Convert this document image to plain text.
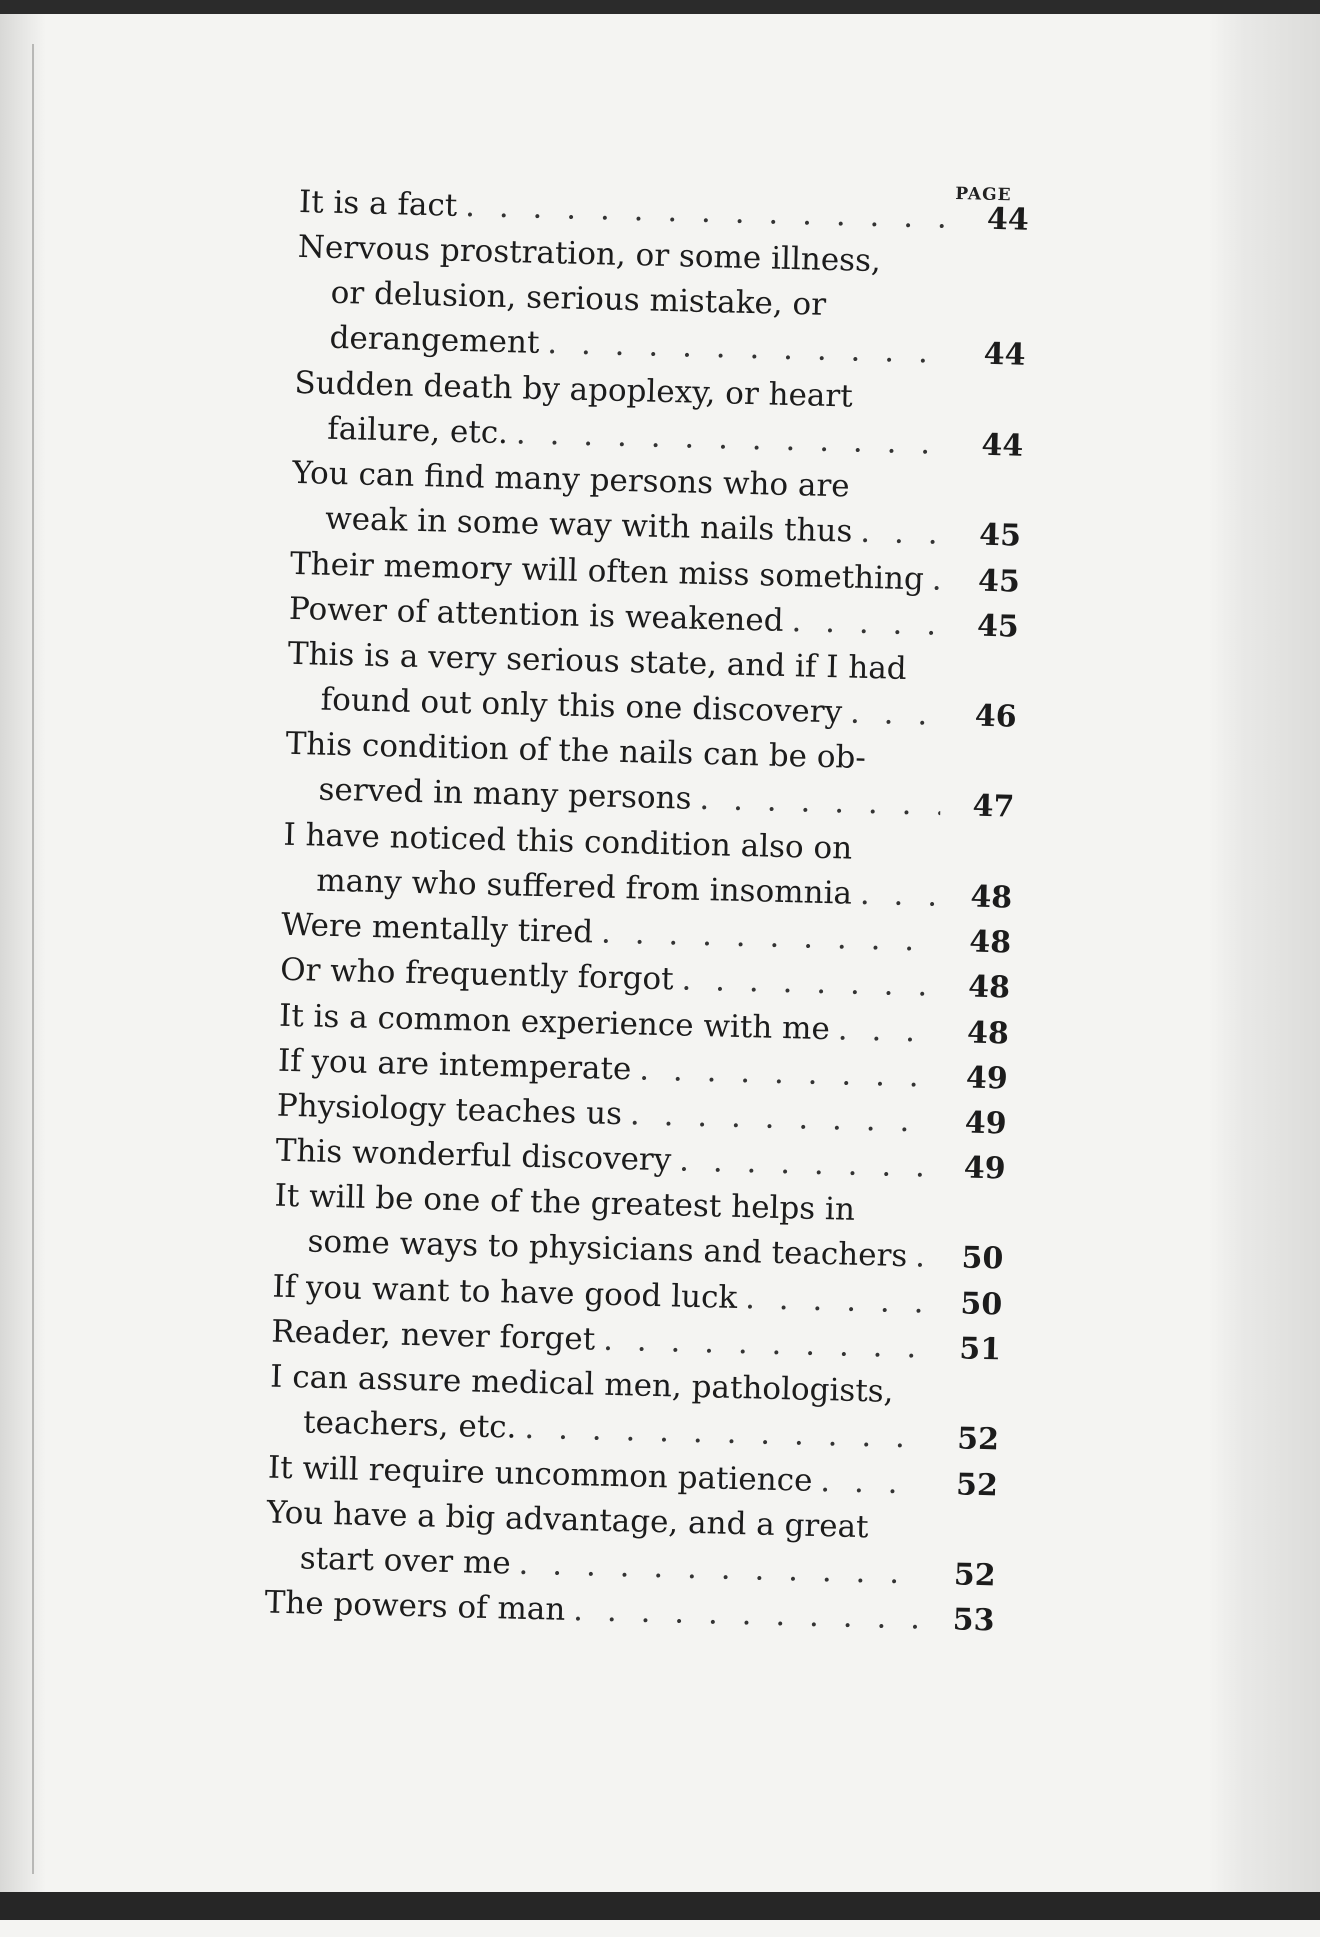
PAGE
It is a fact . . .	44
Nervous prostration, or some illness,
or delusion, serious mistake, or
derangement . . .	44
Sudden death by apoplexy, or heart
failure, etc. . . .	44
You can find many persons who are
weak in some way with nails thus . . .	45
Their memory will often miss something . . .	45
Power of attention is weakened . . .	45
This is a very serious state, and if I had
found out only this one discovery . . .	46
This condition of the nails can be ob-
served in many persons . . .	47
I have noticed this condition also on
many who suffered from insomnia . . .	48
Were mentally tired . . .	48
Or who frequently forgot . . .	48
It is a common experience with me . . .	48
If you are intemperate . . .	49
Physiology teaches us . . .	49
This wonderful discovery . . .	49
It will be one of the greatest helps in
some ways to physicians and teachers . . .	50
If you want to have good luck . . .	50
Reader, never forget . . .	51
I can assure medical men, pathologists,
teachers, etc. . . .	52
It will require uncommon patience . . .	52
You have a big advantage, and a great
start over me . . .	52
The powers of man . . .	53
